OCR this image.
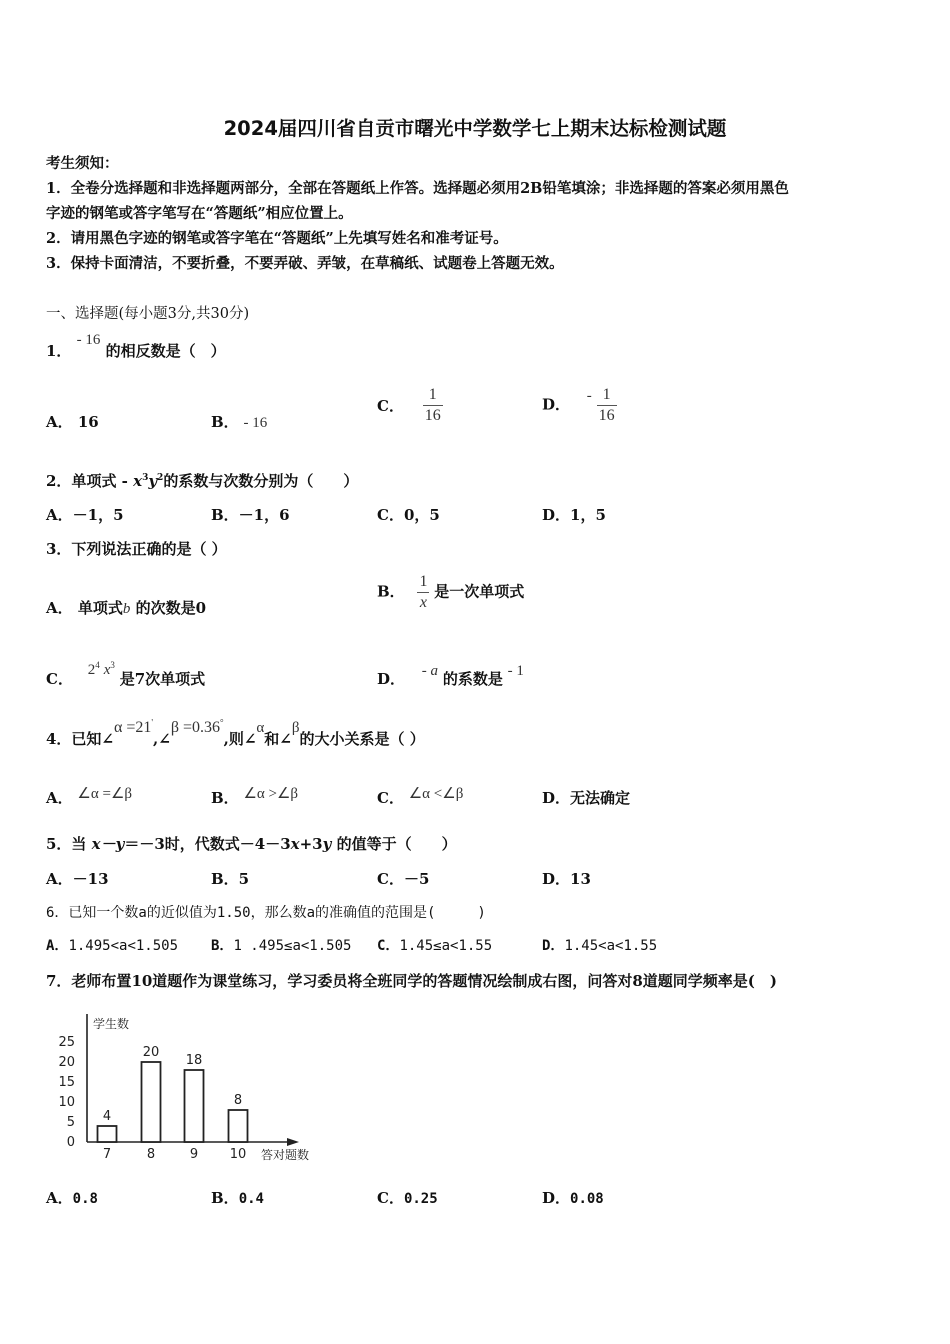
2024届四川省自贡市曙光中学数学七上期末达标检测试题
考生须知：
1．全卷分选择题和非选择题两部分，全部在答题纸上作答。选择题必须用2B铅笔填涂；非选择题的答案必须用黑色
字迹的钢笔或答字笔写在“答题纸”相应位置上。
2．请用黑色字迹的钢笔或答字笔在“答题纸”上先填写姓名和准考证号。
3．保持卡面清洁，不要折叠，不要弄破、弄皱，在草稿纸、试题卷上答题无效。
一、选择题(每小题3分,共30分)
1． - 16 的相反数是（　）
A． 16	B． - 16
C． $\frac{1}{16}$	D． - $\frac{1}{16}$
2．单项式 - $x^3y^2$的系数与次数分别为（　　）
A．－1，5	B．－1，6	C．0，5	D．1，5
3．下列说法正确的是（ ）
A． 单项式b 的次数是0
B． $\frac{1}{x}$ 是一次单项式
C． $2^4$ $x^3$ 是7次单项式	D． - a 的系数是 - 1
4．已知∠α =21',∠β =0.36°,则∠α和∠β的大小关系是（ ）
A． ∠α =∠β	B． ∠α >∠β	C． ∠α <∠β	D．无法确定
5．当 x－y＝－3时，代数式－4－3x+3y 的值等于（　　）
A．－13	B．5	C．－5	D．13
6．已知一个数a的近似值为1.50，那么数a的准确值的范围是(　　　)
A．1.495<a<1.505 B．1 .495≤a<1.505 C．1.45≤a<1.55	D．1.45<a<1.55
7．老师布置10道题作为课堂练习，学习委员将全班同学的答题情况绘制成右图，问答对8道题同学频率是(　)
0
5
10
15
20
25
学生数
4
7
20
8
18
9
8
10 答对题数
A．0.8	B．0.4	C．0.25	D．0.08
